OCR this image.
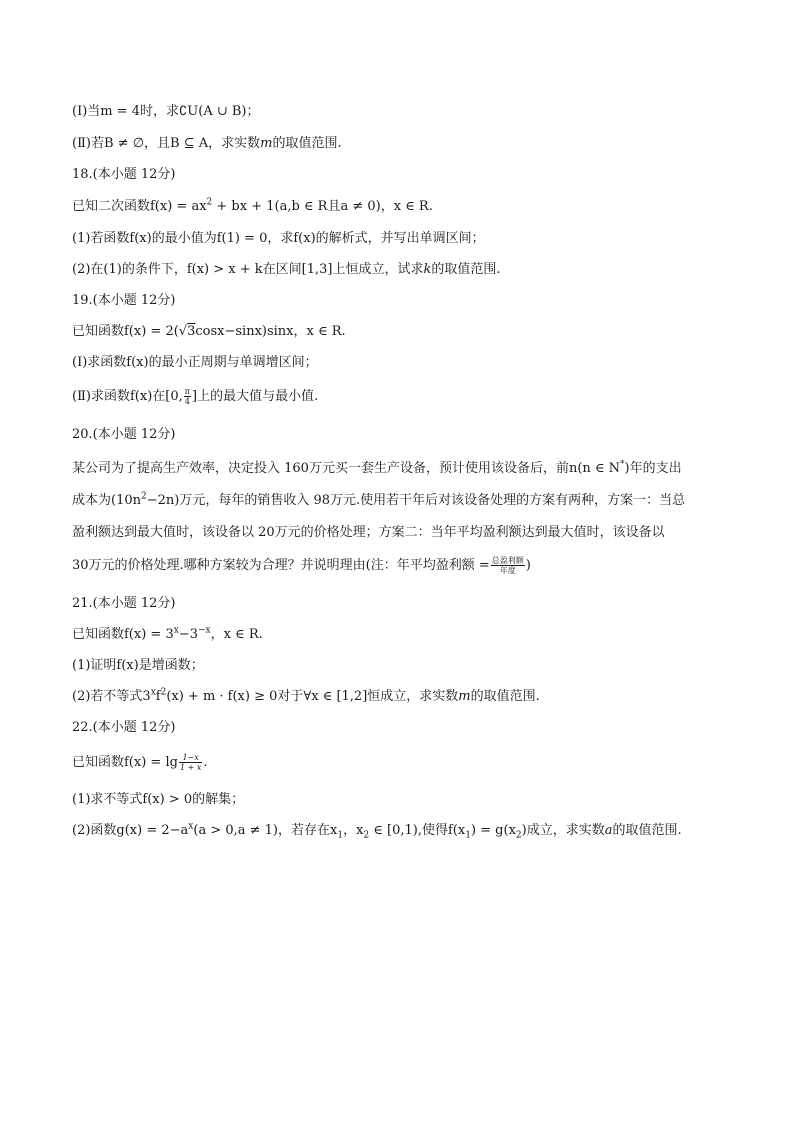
(Ⅰ)当m = 4时，求∁U(A ∪ B)；
(Ⅱ)若B ≠ ∅，且B ⊆ A，求实数m的取值范围.
18.(本小题 12分)
已知二次函数$f(x) = ax^2$ + bx + 1(a,b ∈ R且a ≠ 0)，x ∈ R.
(1)若函数f(x)的最小值为f(1) = 0，求f(x)的解析式，并写出单调区间；
(2)在(1)的条件下，f(x) > x + k在区间[1,3]上恒成立，试求k的取值范围.
19.(本小题 12分)
已知函数f(x) = 2(√3cosx−sinx)sinx，x ∈ R.
(Ⅰ)求函数f(x)的最小正周期与单调增区间；
(Ⅱ)求函数f(x)在[0, $\frac{\pi}{4}$ ]上的最大值与最小值.
20.(本小题 12分)
某公司为了提高生产效率，决定投入 160万元买一套生产设备，预计使用该设备后，前n(n ∈ N*)年的支出
成本为$(10n^2-2n)$万元，每年的销售收入 98万元.使用若干年后对该设备处理的方案有两种，方案一：当总
盈利额达到最大值时，该设备以 20万元的价格处理；方案二：当年平均盈利额达到最大值时，该设备以
30万元的价格处理.哪种方案较为合理？并说明理由(注：年平均盈利额 = $\frac{\text{总盈利额}}{\text{年度}}$ )
21.(本小题 12分)
已知函数$f(x) = 3^x-3^{-x}$，x ∈ R.
(1)证明f(x)是增函数；
(2)若不等式$3^xf^2(x) + m \cdot f(x) \ge 0$对于∀x ∈ [1,2]恒成立，求实数m的取值范围.
22.(本小题 12分)
已知函数$f(x) = \lg \frac{1-x}{1 + x}$ .
(1)求不等式f(x) > 0的解集；
(2)函数$g(x) = 2-a^x(a > 0,a \ne 1)$，若存在$x_1$，$x_2$ ∈ [0,1),使得$f(x_1) = g(x_2)$成立，求实数a的取值范围.
